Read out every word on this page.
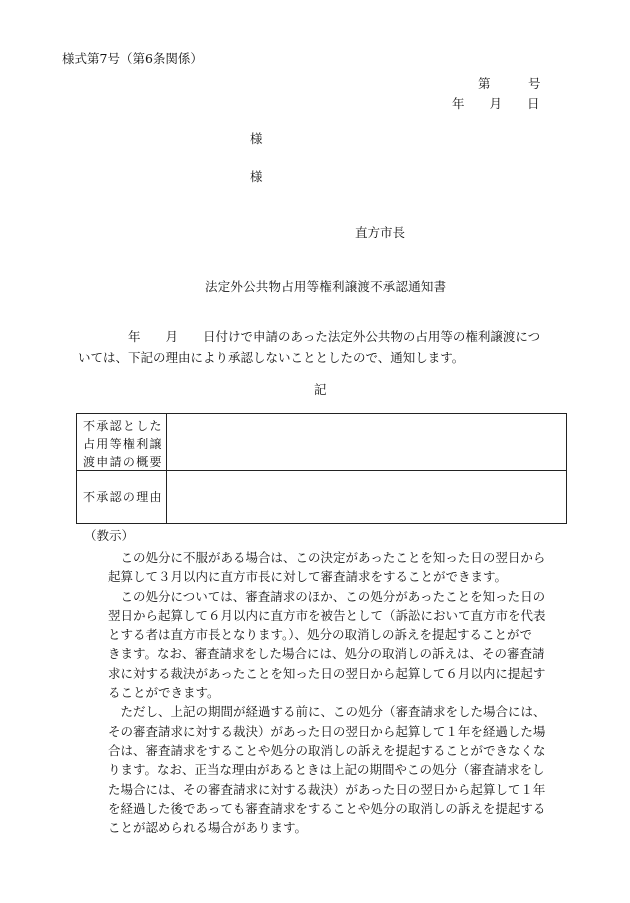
様式第7号（第6条関係）
第　　　号
年　　月　　日
様
様
直方市長
法定外公共物占用等権利譲渡不承認通知書
　　　　年　　月　　日付けで申請のあった法定外公共物の占用等の権利譲渡につ
いては、下記の理由により承認しないこととしたので、通知します。
記
不承認とした
占用等権利譲
渡申請の概要
不承認の理由
（教示）
　この処分に不服がある場合は、この決定があったことを知った日の翌日から
起算して３月以内に直方市長に対して審査請求をすることができます。
　この処分については、審査請求のほか、この処分があったことを知った日の
翌日から起算して６月以内に直方市を被告として（訴訟において直方市を代表
とする者は直方市長となります。）、処分の取消しの訴えを提起することがで
きます。なお、審査請求をした場合には、処分の取消しの訴えは、その審査請
求に対する裁決があったことを知った日の翌日から起算して６月以内に提起す
ることができます。
　ただし、上記の期間が経過する前に、この処分（審査請求をした場合には、
その審査請求に対する裁決）があった日の翌日から起算して１年を経過した場
合は、審査請求をすることや処分の取消しの訴えを提起することができなくな
ります。なお、正当な理由があるときは上記の期間やこの処分（審査請求をし
た場合には、その審査請求に対する裁決）があった日の翌日から起算して１年
を経過した後であっても審査請求をすることや処分の取消しの訴えを提起する
ことが認められる場合があります。
